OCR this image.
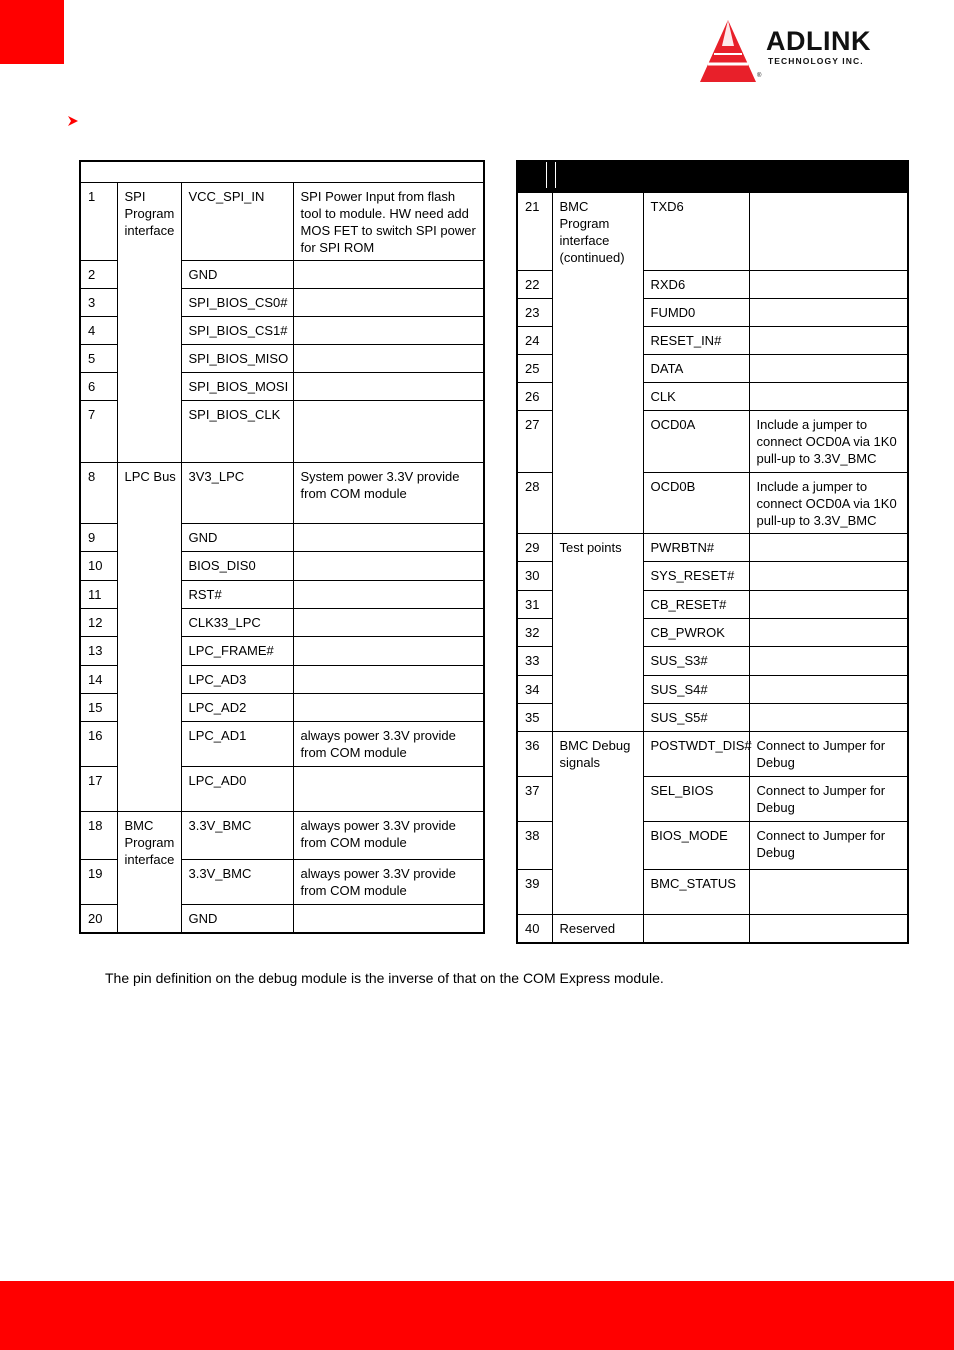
ADLINK
TECHNOLOGY INC.
®

1	SPI Program interface	VCC_SPI_IN	SPI Power Input from flash tool to module. HW need add MOS FET to switch SPI power for SPI ROM
2		GND	
3		SPI_BIOS_CS0#	
4		SPI_BIOS_CS1#	
5		SPI_BIOS_MISO	
6		SPI_BIOS_MOSI	
7		SPI_BIOS_CLK	
8	LPC Bus	3V3_LPC	System power 3.3V provide from COM module
9		GND	
10		BIOS_DIS0	
11		RST#	
12		CLK33_LPC	
13		LPC_FRAME#	
14		LPC_AD3	
15		LPC_AD2	
16		LPC_AD1	always power 3.3V provide from COM module
17		LPC_AD0	
18	BMC Program interface	3.3V_BMC	always power 3.3V provide from COM module
19		3.3V_BMC	always power 3.3V provide from COM module
20		GND	

21	BMC Program interface (continued)	TXD6	
22		RXD6	
23		FUMD0	
24		RESET_IN#	
25		DATA	
26		CLK	
27		OCD0A	Include a jumper to connect OCD0A via 1K0 pull-up to 3.3V_BMC
28		OCD0B	Include a jumper to connect OCD0A via 1K0 pull-up to 3.3V_BMC
29	Test points	PWRBTN#	
30		SYS_RESET#	
31		CB_RESET#	
32		CB_PWROK	
33		SUS_S3#	
34		SUS_S4#	
35		SUS_S5#	
36	BMC Debug signals	POSTWDT_DIS#	Connect to Jumper for Debug
37		SEL_BIOS	Connect to Jumper for Debug
38		BIOS_MODE	Connect to Jumper for Debug
39		BMC_STATUS	
40	Reserved		
The pin definition on the debug module is the inverse of that on the COM Express module.
